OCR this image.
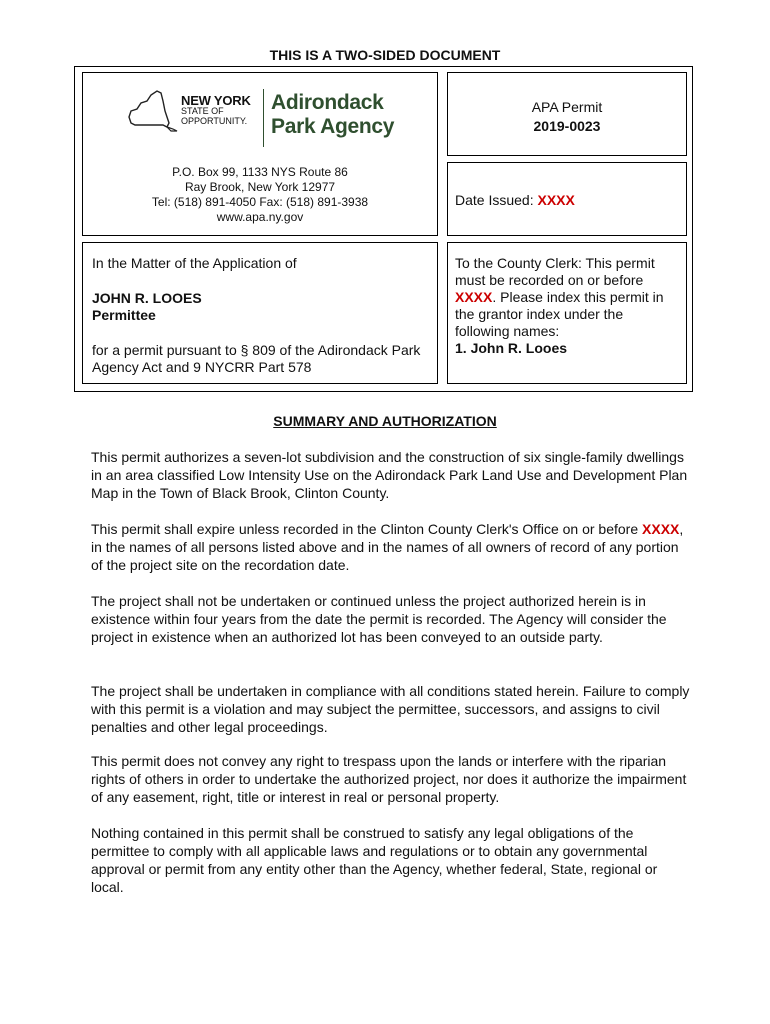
THIS IS A TWO-SIDED DOCUMENT
NEW YORK
STATE OF
OPPORTUNITY.
Adirondack
Park Agency
P.O. Box 99, 1133 NYS Route 86
Ray Brook, New York 12977
Tel: (518) 891-4050 Fax: (518) 891-3938
www.apa.ny.gov
APA Permit
2019-0023
Date Issued: XXXX
In the Matter of the Application of
JOHN R. LOOES
Permittee
for a permit pursuant to § 809 of the Adirondack Park Agency Act and 9 NYCRR Part 578
To the County Clerk: This permit must be recorded on or before XXXX. Please index this permit in the grantor index under the following names:
1. John R. Looes
SUMMARY AND AUTHORIZATION

This permit authorizes a seven-lot subdivision and the construction of six single-family dwellings in an area classified Low Intensity Use on the Adirondack Park Land Use and Development Plan Map in the Town of Black Brook, Clinton County.

This permit shall expire unless recorded in the Clinton County Clerk's Office on or before XXXX, in the names of all persons listed above and in the names of all owners of record of any portion of the project site on the recordation date.

The project shall not be undertaken or continued unless the project authorized herein is in existence within four years from the date the permit is recorded. The Agency will consider the project in existence when an authorized lot has been conveyed to an outside party.

The project shall be undertaken in compliance with all conditions stated herein. Failure to comply with this permit is a violation and may subject the permittee, successors, and assigns to civil penalties and other legal proceedings.

This permit does not convey any right to trespass upon the lands or interfere with the riparian rights of others in order to undertake the authorized project, nor does it authorize the impairment of any easement, right, title or interest in real or personal property.

Nothing contained in this permit shall be construed to satisfy any legal obligations of the permittee to comply with all applicable laws and regulations or to obtain any governmental approval or permit from any entity other than the Agency, whether federal, State, regional or local.
